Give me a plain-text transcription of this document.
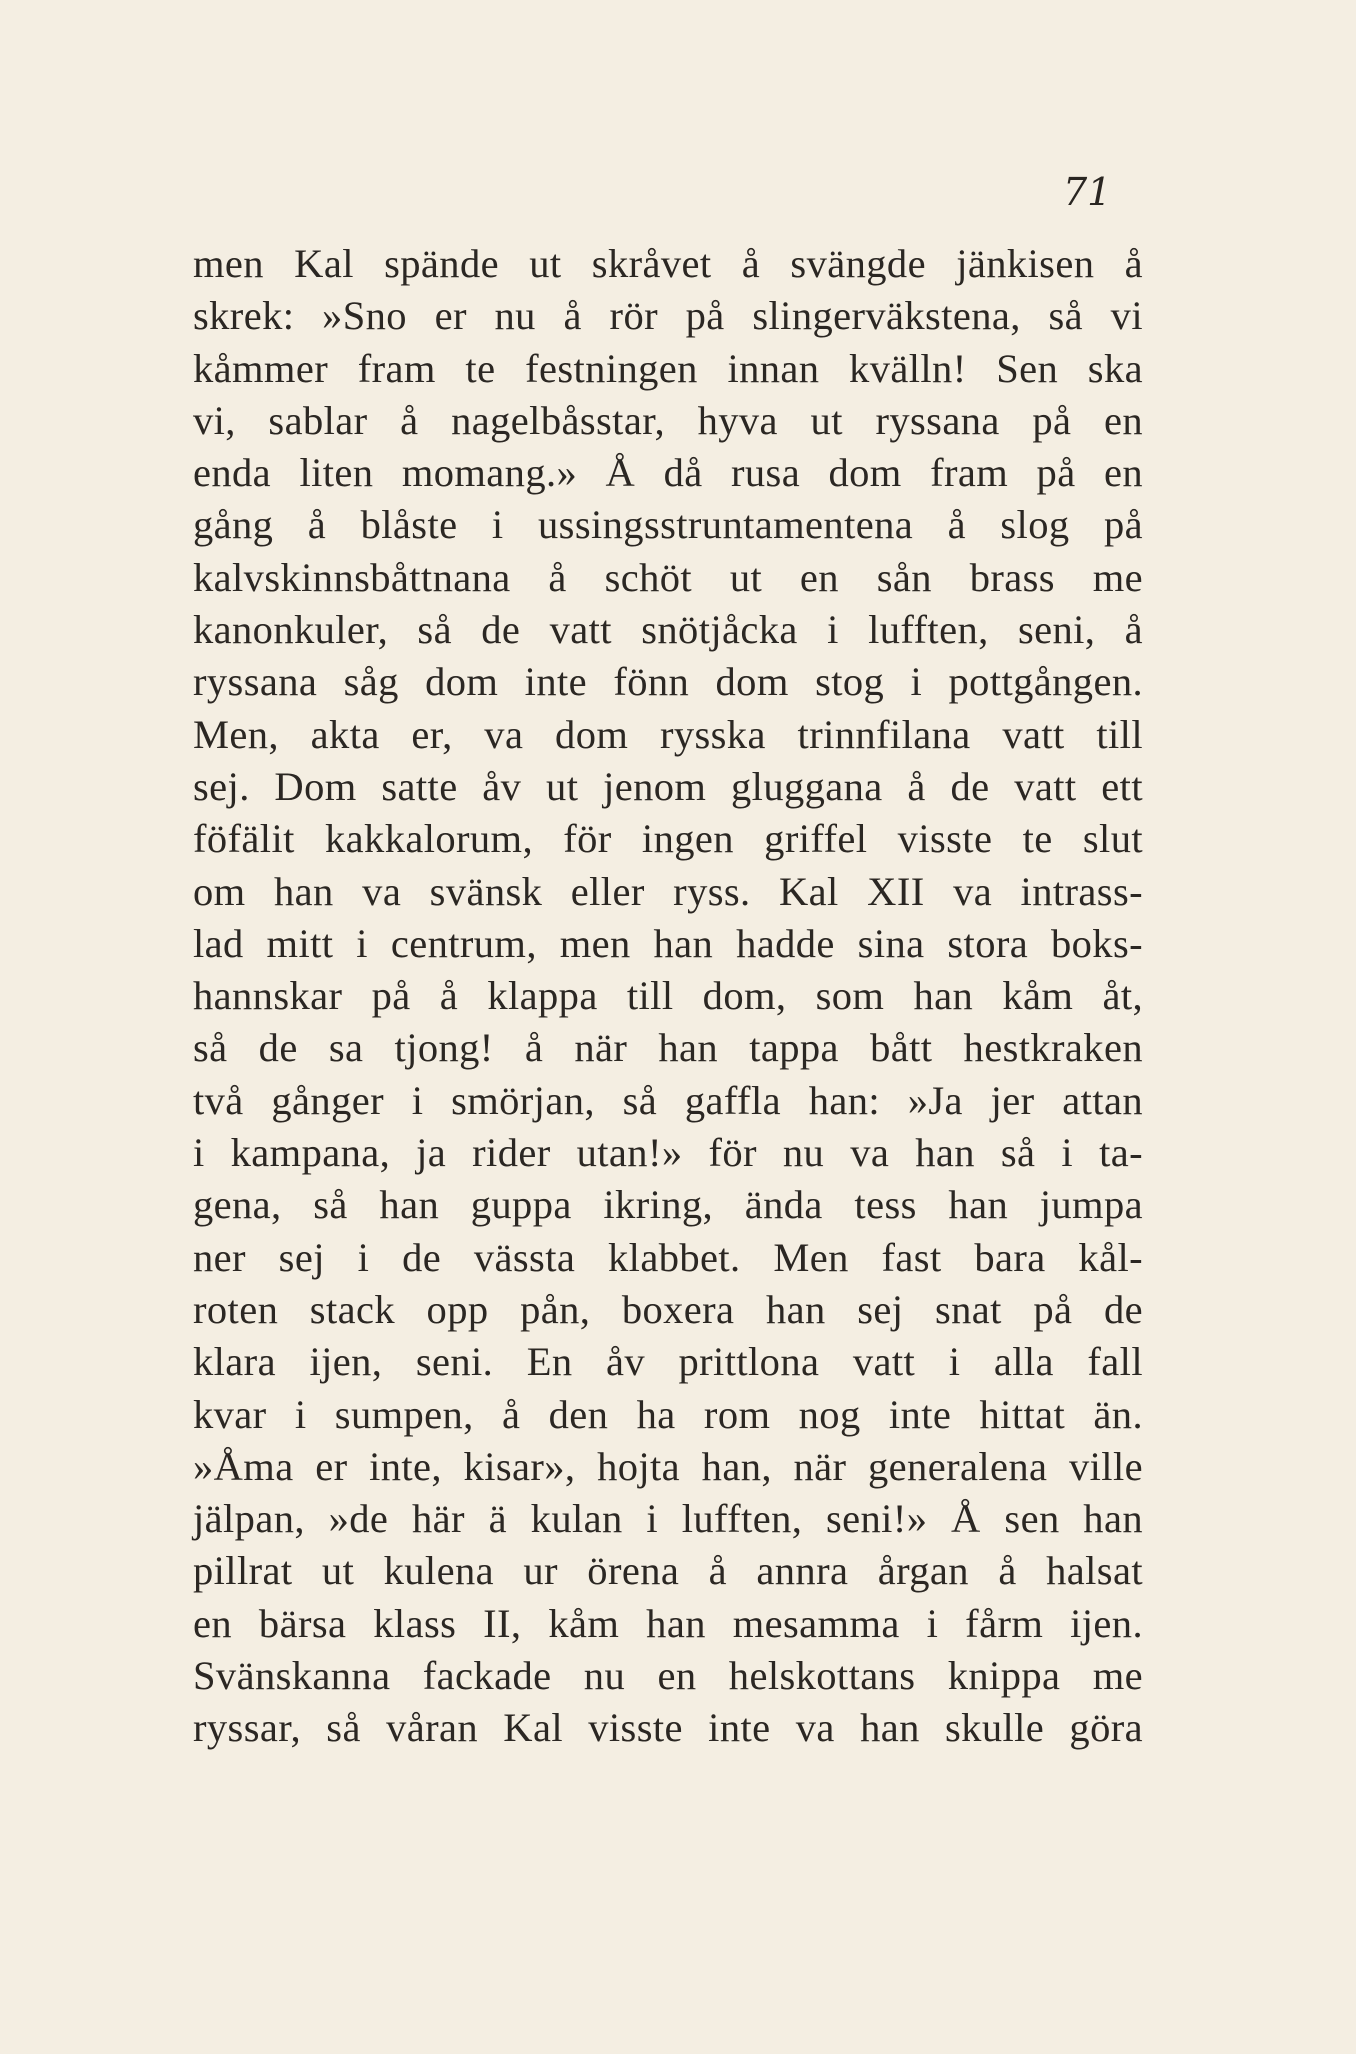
71
men Kal spände ut skråvet å svängde jänkisen å
skrek: »Sno er nu å rör på slingerväkstena, så vi
kåmmer fram te festningen innan kvälln! Sen ska
vi, sablar å nagelbåsstar, hyva ut ryssana på en
enda liten momang.» Å då rusa dom fram på en
gång å blåste i ussingsstruntamentena å slog på
kalvskinnsbåttnana å schöt ut en sån brass me
kanonkuler, så de vatt snötjåcka i lufften, seni, å
ryssana såg dom inte fönn dom stog i pottgången.
Men, akta er, va dom rysska trinnfilana vatt till
sej. Dom satte åv ut jenom gluggana å de vatt ett
föfälit kakkalorum, för ingen griffel visste te slut
om han va svänsk eller ryss. Kal XII va intrass-
lad mitt i centrum, men han hadde sina stora boks-
hannskar på å klappa till dom, som han kåm åt,
så de sa tjong! å när han tappa bått hestkraken
två gånger i smörjan, så gaffla han: »Ja jer attan
i kampana, ja rider utan!» för nu va han så i ta-
gena, så han guppa ikring, ända tess han jumpa
ner sej i de vässta klabbet. Men fast bara kål-
roten stack opp pån, boxera han sej snat på de
klara ijen, seni. En åv prittlona vatt i alla fall
kvar i sumpen, å den ha rom nog inte hittat än.
»Åma er inte, kisar», hojta han, när generalena ville
jälpan, »de här ä kulan i lufften, seni!» Å sen han
pillrat ut kulena ur örena å annra årgan å halsat
en bärsa klass II, kåm han mesamma i fårm ijen.
Svänskanna fackade nu en helskottans knippa me
ryssar, så våran Kal visste inte va han skulle göra
